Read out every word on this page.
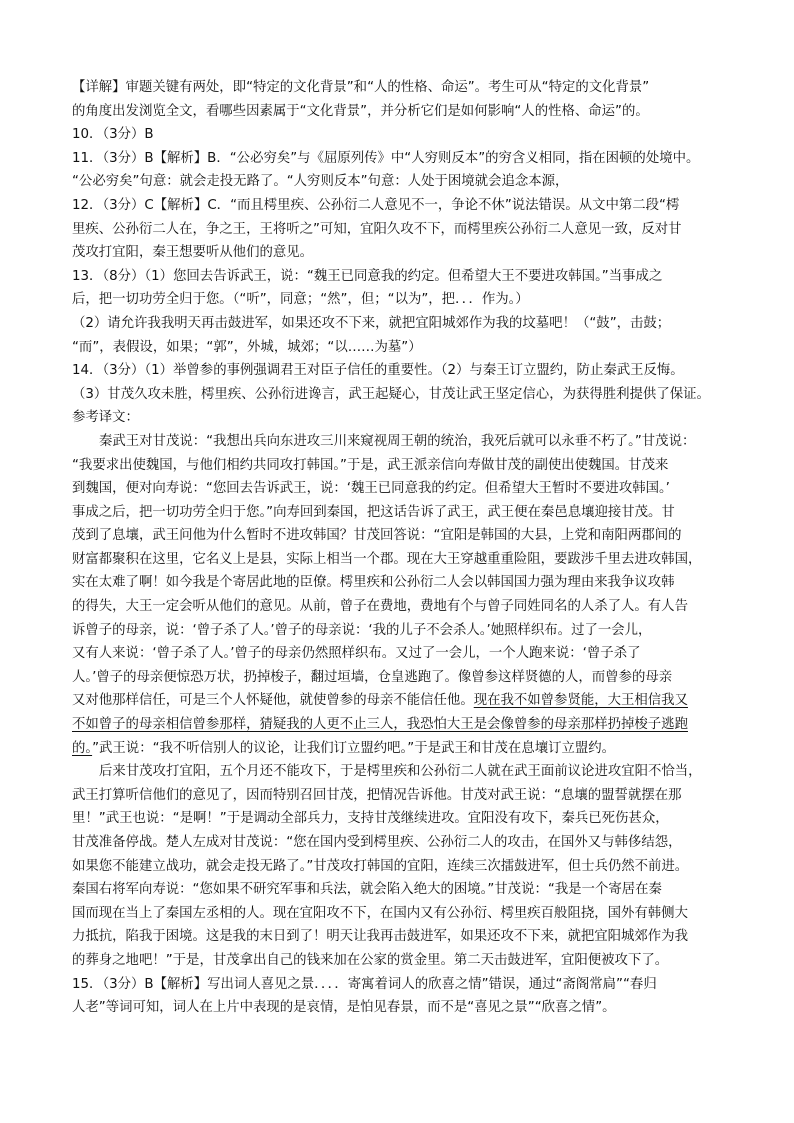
【详解】审题关键有两处，即“特定的文化背景”和“人的性格、命运”。考生可从“特定的文化背景”
的角度出发浏览全文，看哪些因素属于“文化背景”，并分析它们是如何影响“人的性格、命运”的。
10．（3分）B
11．（3分）B【解析】B．“公必穷矣”与《屈原列传》中“人穷则反本”的穷含义相同，指在困顿的处境中。
“公必穷矣”句意：就会走投无路了。“人穷则反本”句意：人处于困境就会追念本源，
12．（3分）C【解析】C．“而且樗里疾、公孙衍二人意见不一，争论不休”说法错误。从文中第二段“樗
里疾、公孙衍二人在，争之王，王将听之”可知，宜阳久攻不下，而樗里疾公孙衍二人意见一致，反对甘
茂攻打宜阳，秦王想要听从他们的意见。
13．（8分）（1）您回去告诉武王，说：“魏王已同意我的约定。但希望大王不要进攻韩国。”当事成之
后，把一切功劳全归于您。（“听”，同意；“然”，但；“以为”，把．．．作为。）
（2）请允许我我明天再击鼓进军，如果还攻不下来，就把宜阳城郊作为我的坟墓吧！（“鼓”，击鼓；
“而”，表假设，如果；“郭”，外城，城郊；“以……为墓”）
14．（3分）（1）举曾参的事例强调君王对臣子信任的重要性。（2）与秦王订立盟约，防止秦武王反悔。
（3）甘茂久攻未胜，樗里疾、公孙衍进谗言，武王起疑心，甘茂让武王坚定信心，为获得胜利提供了保证。
参考译文：
秦武王对甘茂说：“我想出兵向东进攻三川来窥视周王朝的统治，我死后就可以永垂不朽了。”甘茂说：
“我要求出使魏国，与他们相约共同攻打韩国。”于是，武王派亲信向寿做甘茂的副使出使魏国。甘茂来
到魏国，便对向寿说：“您回去告诉武王，说：‘魏王已同意我的约定。但希望大王暂时不要进攻韩国。’
事成之后，把一切功劳全归于您。”向寿回到秦国，把这话告诉了武王，武王便在秦邑息壤迎接甘茂。甘
茂到了息壤，武王问他为什么暂时不进攻韩国？甘茂回答说：“宜阳是韩国的大县，上党和南阳两郡间的
财富都聚积在这里，它名义上是县，实际上相当一个郡。现在大王穿越重重险阻，要跋涉千里去进攻韩国，
实在太难了啊！如今我是个寄居此地的臣僚。樗里疾和公孙衍二人会以韩国国力强为理由来我争议攻韩
的得失，大王一定会听从他们的意见。从前，曾子在费地，费地有个与曾子同姓同名的人杀了人。有人告
诉曾子的母亲，说：‘曾子杀了人。’曾子的母亲说：‘我的儿子不会杀人。’她照样织布。过了一会儿，
又有人来说：‘曾子杀了人。’曾子的母亲仍然照样织布。又过了一会儿，一个人跑来说：‘曾子杀了
人。’曾子的母亲便惊恐万状，扔掉梭子，翻过垣墙，仓皇逃跑了。像曾参这样贤德的人，而曾参的母亲
又对他那样信任，可是三个人怀疑他，就使曾参的母亲不能信任他。现在我不如曾参贤能，大王相信我又
不如曾子的母亲相信曾参那样，猜疑我的人更不止三人，我恐怕大王是会像曾参的母亲那样扔掉梭子逃跑
的。”武王说：“我不听信别人的议论，让我们订立盟约吧。”于是武王和甘茂在息壤订立盟约。
后来甘茂攻打宜阳，五个月还不能攻下，于是樗里疾和公孙衍二人就在武王面前议论进攻宜阳不恰当，
武王打算听信他们的意见了，因而特别召回甘茂，把情况告诉他。甘茂对武王说：“息壤的盟誓就摆在那
里！”武王也说：“是啊！”于是调动全部兵力，支持甘茂继续进攻。宜阳没有攻下，秦兵已死伤甚众，
甘茂准备停战。楚人左成对甘茂说：“您在国内受到樗里疾、公孙衍二人的攻击，在国外又与韩侈结怨，
如果您不能建立战功，就会走投无路了。”甘茂攻打韩国的宜阳，连续三次擂鼓进军，但士兵仍然不前进。
秦国右将军向寿说：“您如果不研究军事和兵法，就会陷入绝大的困境。”甘茂说：“我是一个寄居在秦
国而现在当上了秦国左丞相的人。现在宜阳攻不下，在国内又有公孙衍、樗里疾百般阻挠，国外有韩侧大
力抵抗，陷我于困境。这是我的末日到了！明天让我再击鼓进军，如果还攻不下来，就把宜阳城郊作为我
的葬身之地吧！”于是，甘茂拿出自己的钱来加在公家的赏金里。第二天击鼓进军，宜阳便被攻下了。
15．（3分）B【解析】写出词人喜见之景．．．．寄寓着词人的欣喜之情”错误，通过“斋阁常扃”“春归
人老”等词可知，词人在上片中表现的是哀情，是怕见春景，而不是“喜见之景”“欣喜之情”。
